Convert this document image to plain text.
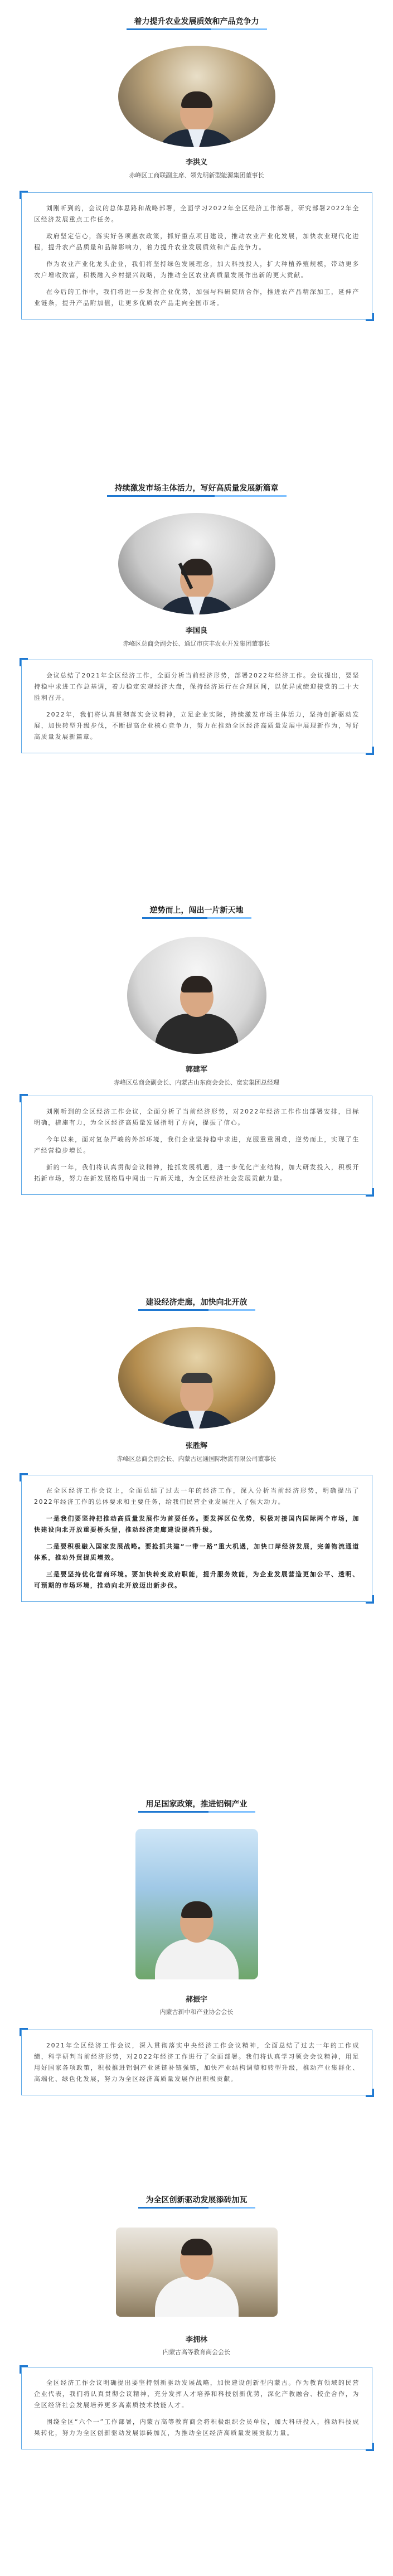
着力提升农业发展质效和产品竞争力
李洪义
赤峰区工商联副主席、领先明新型能源集团董事长

刘刚听到的，会议的总体思路和战略部署，全面学习2022年全区经济工作部署，研究部署2022年全区经济发展重点工作任务。

政府坚定信心，落实好各项惠农政策，抓好重点项目建设，推动农业产业化发展，加快农业现代化进程，提升农产品质量和品牌影响力，着力提升农业发展质效和产品竞争力。

作为农业产业化龙头企业，我们将坚持绿色发展理念，加大科技投入，扩大种植养殖规模，带动更多农户增收致富，积极融入乡村振兴战略，为推动全区农业高质量发展作出新的更大贡献。

在今后的工作中，我们将进一步发挥企业优势，加强与科研院所合作，推进农产品精深加工，延伸产业链条，提升产品附加值，让更多优质农产品走向全国市场。

持续激发市场主体活力，写好高质量发展新篇章
李国良
赤峰区总商会副会长、通辽市庆丰农业开发集团董事长

会议总结了2021年全区经济工作，全面分析当前经济形势，部署2022年经济工作。会议提出，要坚持稳中求进工作总基调，着力稳定宏观经济大盘，保持经济运行在合理区间，以优异成绩迎接党的二十大胜利召开。

2022年，我们将认真贯彻落实会议精神，立足企业实际，持续激发市场主体活力，坚持创新驱动发展，加快转型升级步伐，不断提高企业核心竞争力，努力在推动全区经济高质量发展中展现新作为，写好高质量发展新篇章。

逆势而上，闯出一片新天地
郭建军
赤峰区总商会副会长、内蒙古山东商会会长、宽宏集团总经理

刘刚听到的全区经济工作会议，全面分析了当前经济形势，对2022年经济工作作出部署安排，目标明确，措施有力，为全区经济高质量发展指明了方向，提振了信心。

今年以来，面对复杂严峻的外部环境，我们企业坚持稳中求进，克服重重困难，逆势而上，实现了生产经营稳步增长。

新的一年，我们将认真贯彻会议精神，抢抓发展机遇，进一步优化产业结构，加大研发投入，积极开拓新市场，努力在新发展格局中闯出一片新天地，为全区经济社会发展贡献力量。

建设经济走廊，加快向北开放
张胜辉
赤峰区总商会副会长、内蒙古远通国际物流有限公司董事长

在全区经济工作会议上，全面总结了过去一年的经济工作，深入分析当前经济形势，明确提出了2022年经济工作的总体要求和主要任务，给我们民营企业发展注入了强大动力。

一是我们要坚持把推动高质量发展作为首要任务。要发挥区位优势，积极对接国内国际两个市场，加快建设向北开放重要桥头堡，推动经济走廊建设提档升级。

二是要积极融入国家发展战略。要抢抓共建“一带一路”重大机遇，加快口岸经济发展，完善物流通道体系，推动外贸提质增效。

三是要坚持优化营商环境。要加快转变政府职能，提升服务效能，为企业发展营造更加公平、透明、可预期的市场环境，推动向北开放迈出新步伐。

用足国家政策，推进铝铜产业
郝振宇
内蒙古新中和产业协会会长

2021年全区经济工作会议，深入贯彻落实中央经济工作会议精神，全面总结了过去一年的工作成绩，科学研判当前经济形势，对2022年经济工作进行了全面部署。我们将认真学习领会会议精神，用足用好国家各项政策，积极推进铝铜产业延链补链强链，加快产业结构调整和转型升级，推动产业集群化、高端化、绿色化发展，努力为全区经济高质量发展作出积极贡献。

为全区创新驱动发展添砖加瓦
李拥林
内蒙古高等教育商会会长

全区经济工作会议明确提出要坚持创新驱动发展战略，加快建设创新型内蒙古。作为教育领域的民营企业代表，我们将认真贯彻会议精神，充分发挥人才培养和科技创新优势，深化产教融合、校企合作，为全区经济社会发展培养更多高素质技术技能人才。

围绕全区“六个一”工作部署，内蒙古高等教育商会将积极组织会员单位，加大科研投入，推动科技成果转化，努力为全区创新驱动发展添砖加瓦，为推动全区经济高质量发展贡献力量。
